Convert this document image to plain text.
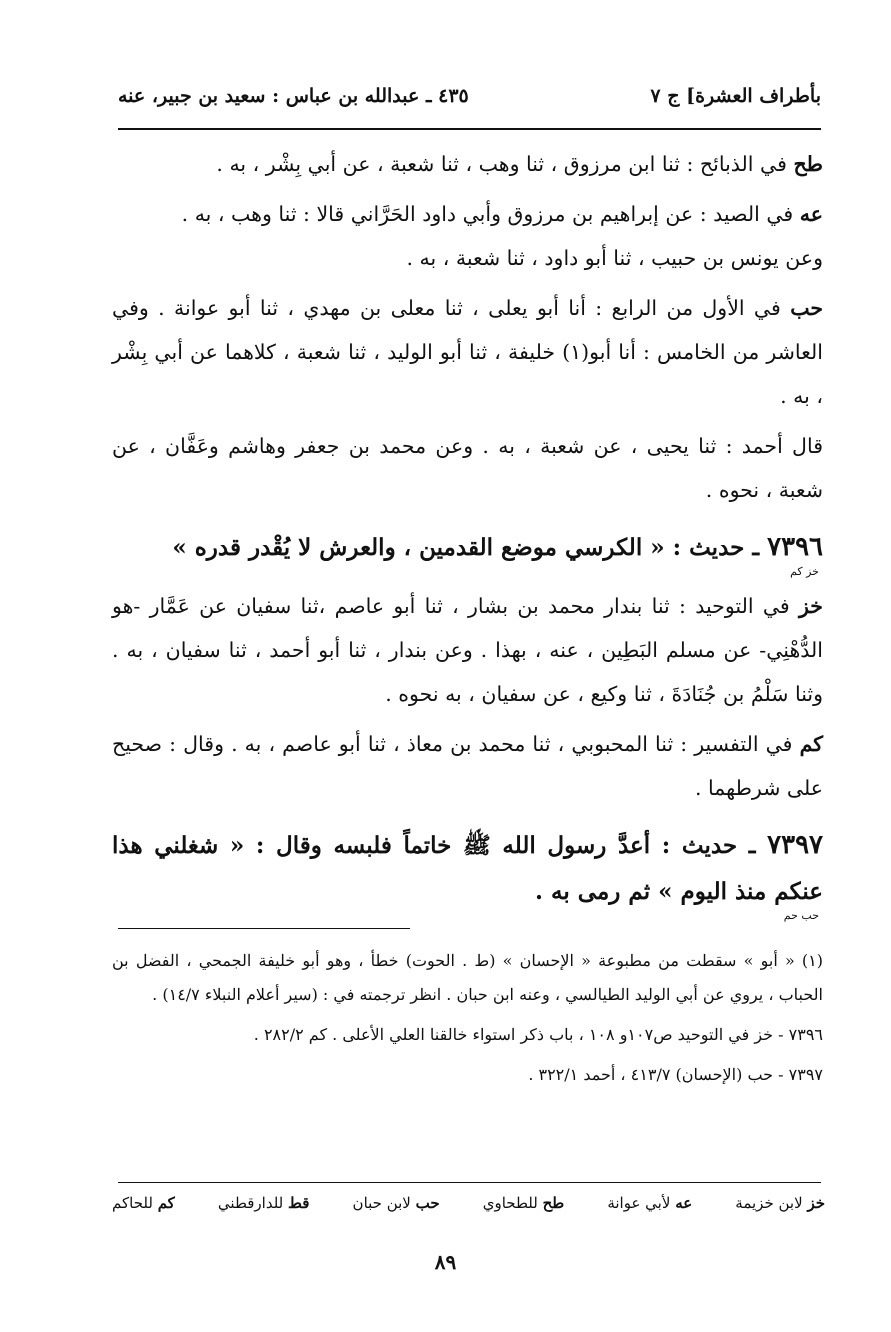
بأطراف العشرة] ج ٧
٤٣٥ ـ عبدالله بن عباس : سعيد بن جبير، عنه

طح في الذبائح : ثنا ابن مرزوق ، ثنا وهب ، ثنا شعبة ، عن أبي بِشْر ، به .

عه في الصيد : عن إبراهيم بن مرزوق وأبي داود الحَرَّاني قالا : ثنا وهب ، به .

وعن يونس بن حبيب ، ثنا أبو داود ، ثنا شعبة ، به .

حب في الأول من الرابع : أنا أبو يعلى ، ثنا معلى بن مهدي ، ثنا أبو عوانة . وفي العاشر من الخامس : أنا أبو(١) خليفة ، ثنا أبو الوليد ، ثنا شعبة ، كلاهما عن أبي بِشْر ، به .

قال أحمد : ثنا يحيى ، عن شعبة ، به . وعن محمد بن جعفر وهاشم وعَفَّان ، عن شعبة ، نحوه .

٧٣٩٦ ـ حديث : « الكرسي موضع القدمين ، والعرش لا يُقْدر قدره »
خز كم

خز في التوحيد : ثنا بندار محمد بن بشار ، ثنا أبو عاصم ،ثنا سفيان عن عَمَّار -هو الدُّهْنِي- عن مسلم البَطِين ، عنه ، بهذا . وعن بندار ، ثنا أبو أحمد ، ثنا سفيان ، به . وثنا سَلْمُ بن جُنَادَةَ ، ثنا وكيع ، عن سفيان ، به نحوه .

كم في التفسير : ثنا المحبوبي ، ثنا محمد بن معاذ ، ثنا أبو عاصم ، به . وقال : صحيح على شرطهما .

٧٣٩٧ ـ حديث : أعدَّ رسول الله ﷺ خاتماً فلبسه وقال : « شغلني هذا عنكم منذ اليوم » ثم رمى به .
حب حم

(١) « أبو » سقطت من مطبوعة « الإحسان » (ط . الحوت) خطأ ، وهو أبو خليفة الجمحي ، الفضل بن الحباب ، يروي عن أبي الوليد الطيالسي ، وعنه ابن حبان . انظر ترجمته في : (سير أعلام النبلاء ١٤/٧) .

٧٣٩٦ - خز في التوحيد ص١٠٧و ١٠٨ ، باب ذكر استواء خالقنا العلي الأعلى . كم ٢٨٢/٢ .

٧٣٩٧ - حب (الإحسان) ٤١٣/٧ ، أحمد ٣٢٢/١ .

خز لابن خزيمة
عه لأبي عوانة
طح للطحاوي
حب لابن حبان
قط للدارقطني
كم للحاكم
٨٩
